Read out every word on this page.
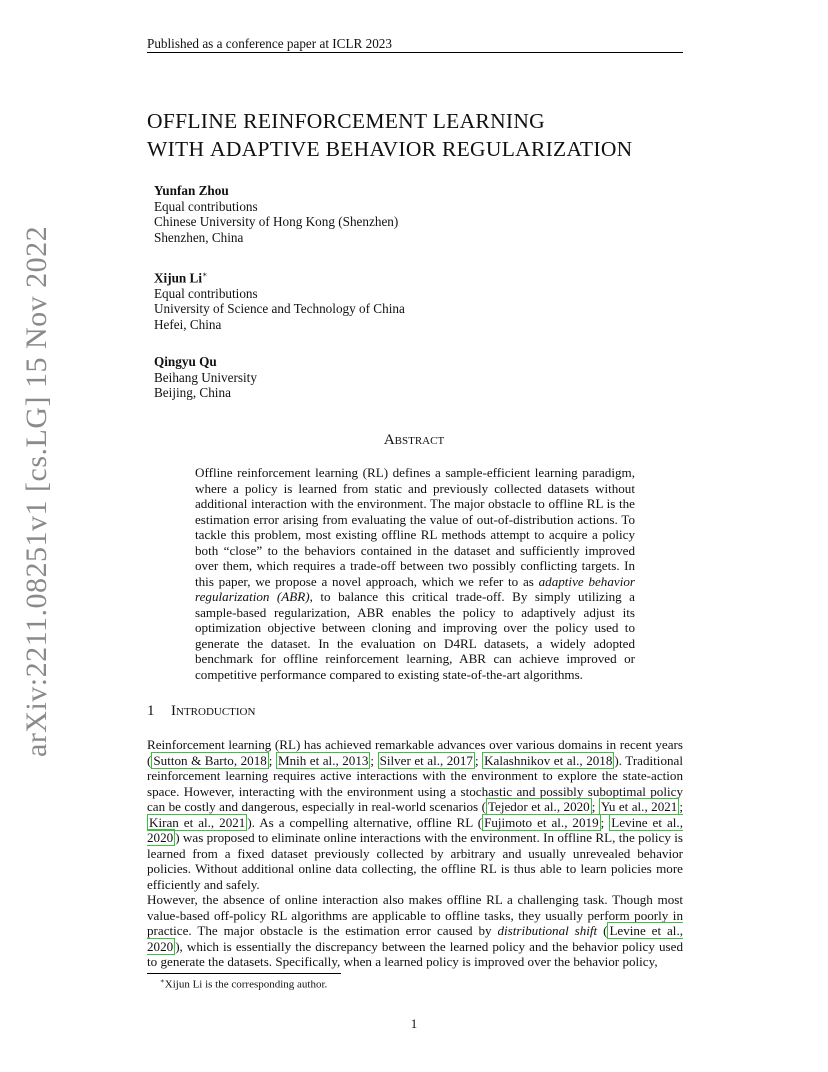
Published as a conference paper at ICLR 2023
OFFLINE REINFORCEMENT LEARNING
WITH ADAPTIVE BEHAVIOR REGULARIZATION
Yunfan Zhou
Equal contributions
Chinese University of Hong Kong (Shenzhen)
Shenzhen, China
Xijun Li∗
Equal contributions
University of Science and Technology of China
Hefei, China
Qingyu Qu
Beihang University
Beijing, China
arXiv:2211.08251v1 [cs.LG] 15 Nov 2022	Abstract

Offline reinforcement learning (RL) defines a sample-efficient learning paradigm, where a policy is learned from static and previously collected datasets without additional interaction with the environment. The major obstacle to offline RL is the estimation error arising from evaluating the value of out-of-distribution actions. To tackle this problem, most existing offline RL methods attempt to acquire a policy both “close” to the behaviors contained in the dataset and sufficiently improved over them, which requires a trade-off between two possibly conflicting targets. In this paper, we propose a novel approach, which we refer to as adaptive behavior regularization (ABR), to balance this critical trade-off. By simply utilizing a sample-based regularization, ABR enables the policy to adaptively adjust its optimization objective between cloning and improving over the policy used to generate the dataset. In the evaluation on D4RL datasets, a widely adopted benchmark for offline reinforcement learning, ABR can achieve improved or competitive performance compared to existing state-of-the-art algorithms.

1 Introduction

Reinforcement learning (RL) has achieved remarkable advances over various domains in recent years ( Sutton & Barto, 2018 ; Mnih et al., 2013 ; Silver et al., 2017 ; Kalashnikov et al., 2018 ). Traditional reinforcement learning requires active interactions with the environment to explore the state-action space. However, interacting with the environment using a stochastic and possibly suboptimal policy can be costly and dangerous, especially in real-world scenarios ( Tejedor et al., 2020 ; Yu et al., 2021 ; Kiran et al., 2021 ). As a compelling alternative, offline RL ( Fujimoto et al., 2019 ; Levine et al., 2020 ) was proposed to eliminate online interactions with the environment. In offline RL, the policy is learned from a fixed dataset previously collected by arbitrary and usually unrevealed behavior policies. Without additional online data collecting, the offline RL is thus able to learn policies more efficiently and safely.

However, the absence of online interaction also makes offline RL a challenging task. Though most value-based off-policy RL algorithms are applicable to offline tasks, they usually perform poorly in practice. The major obstacle is the estimation error caused by distributional shift ( Levine et al., 2020 ), which is essentially the discrepancy between the learned policy and the behavior policy used to generate the datasets. Specifically, when a learned policy is improved over the behavior policy,

∗Xijun Li is the corresponding author.
1
